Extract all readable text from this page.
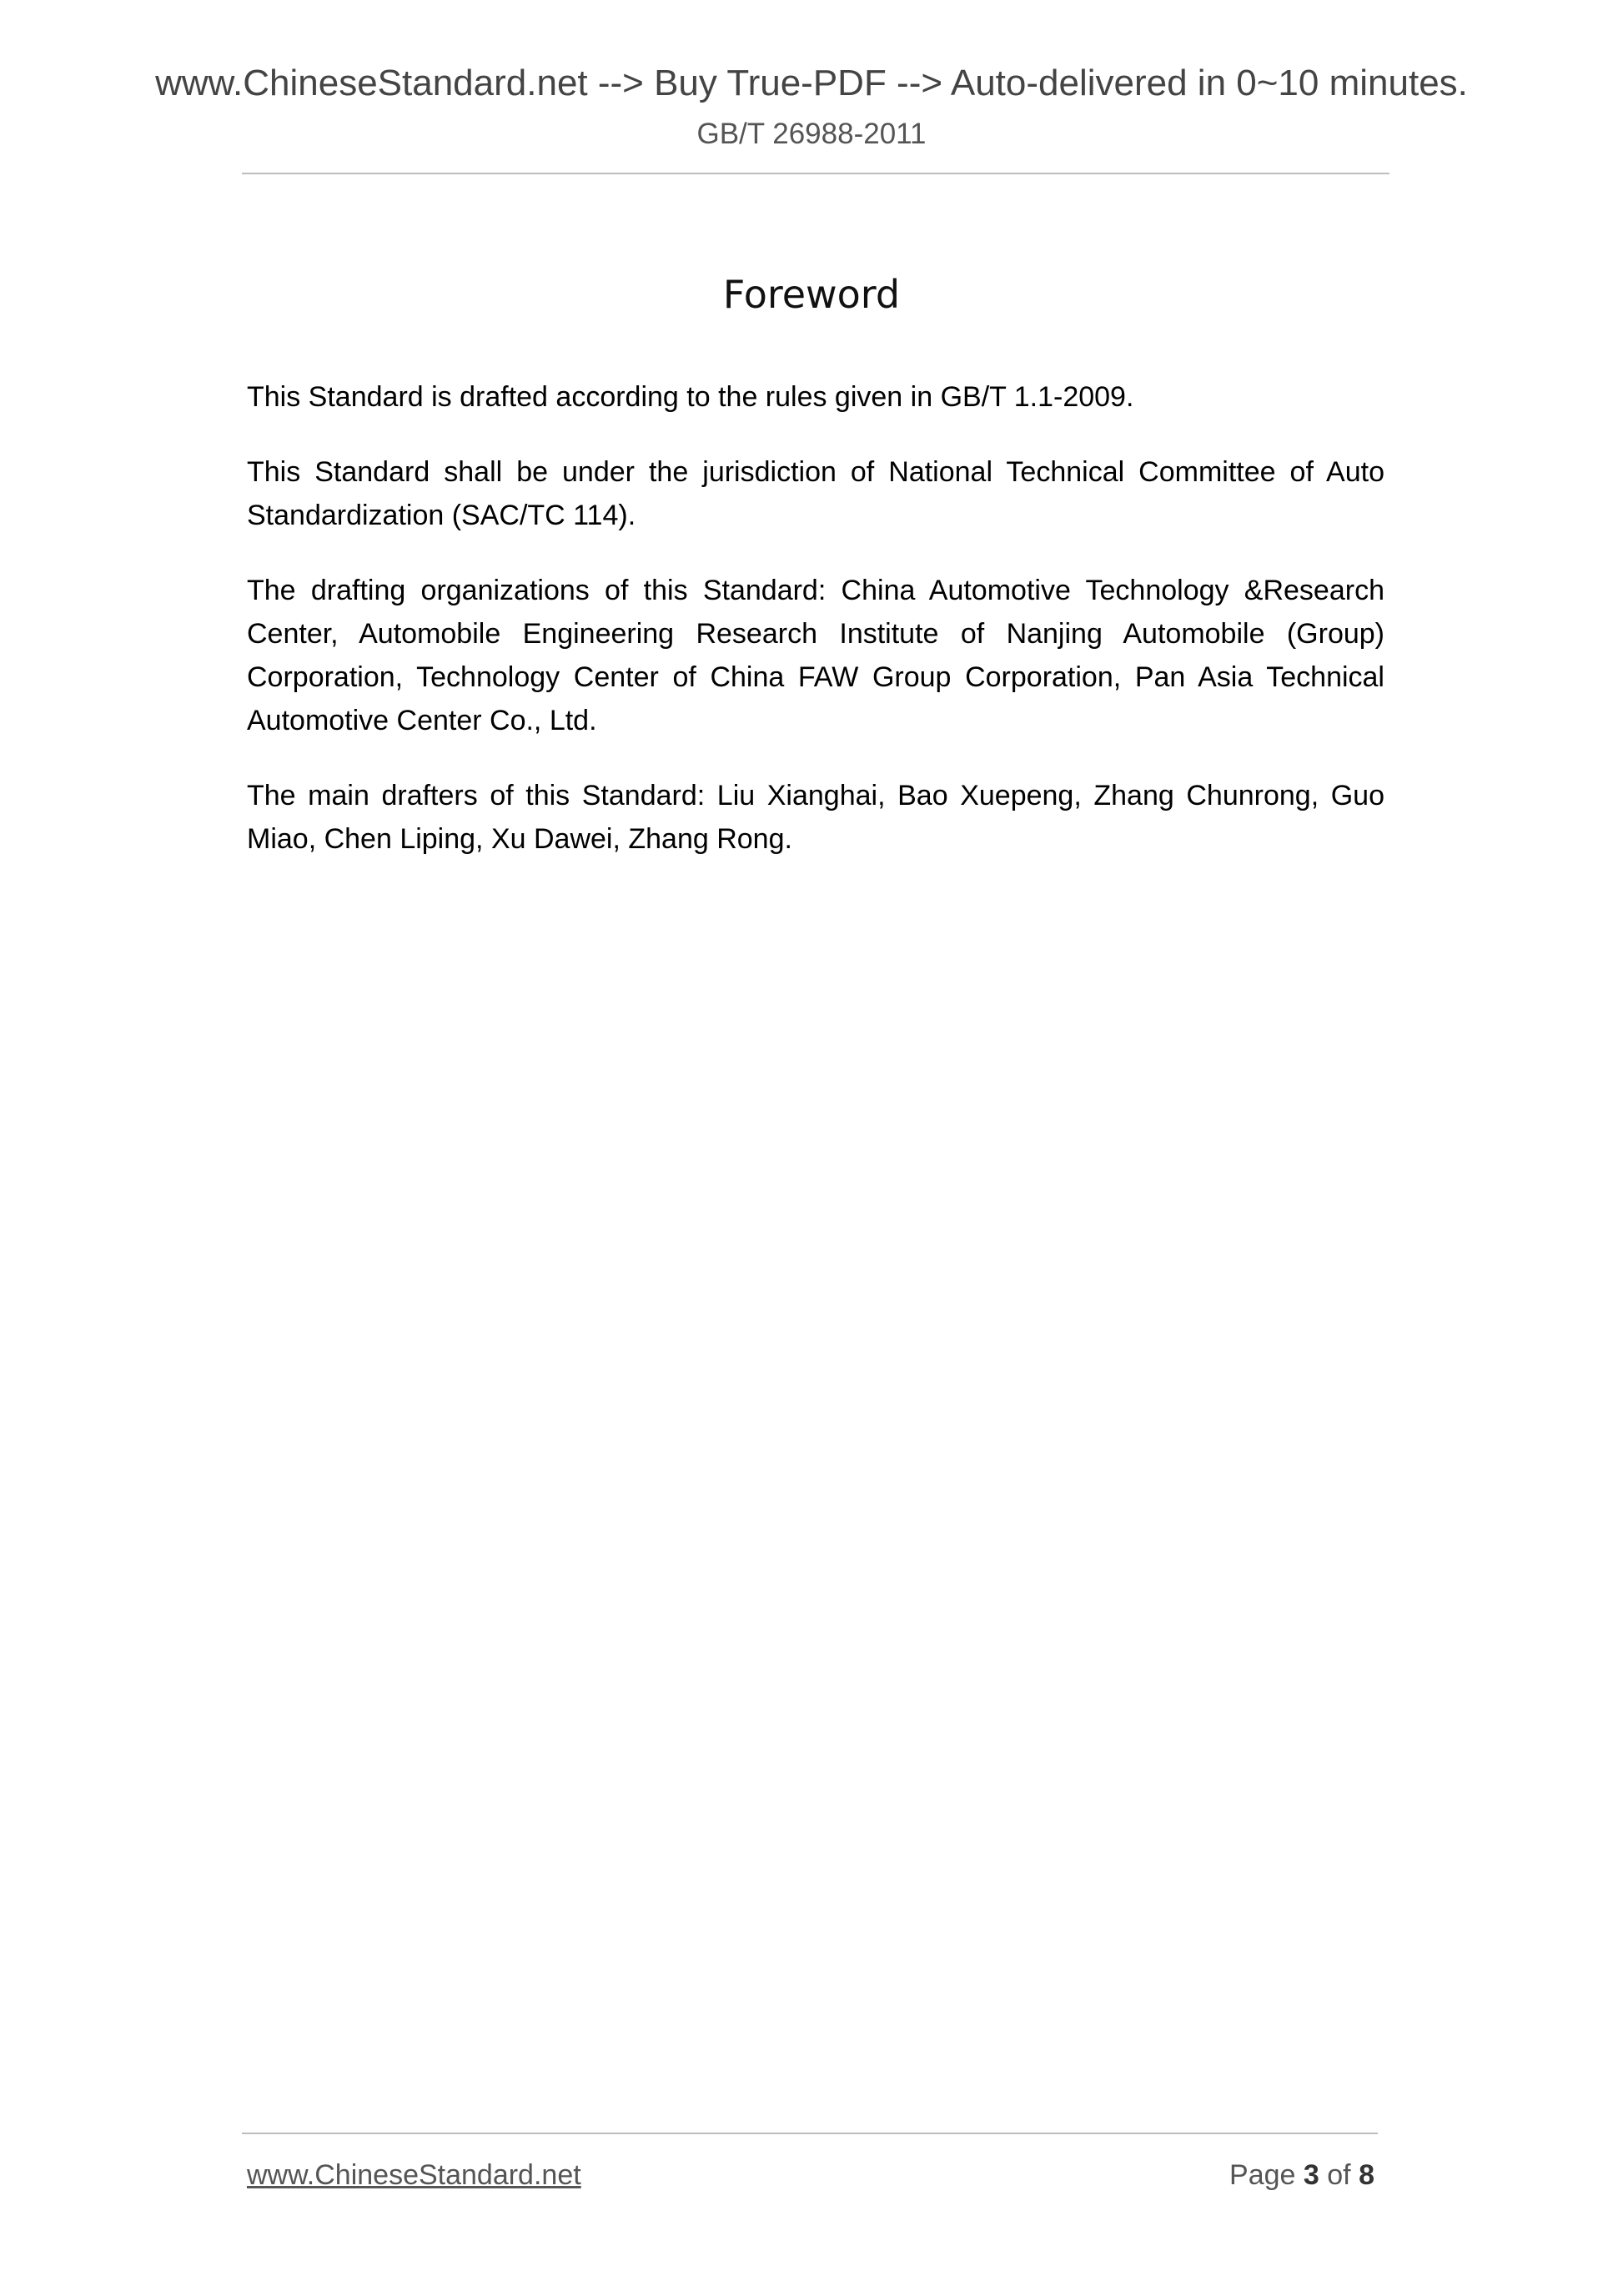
www.ChineseStandard.net --> Buy True-PDF --> Auto-delivered in 0~10 minutes.
GB/T 26988-2011
Foreword

This Standard is drafted according to the rules given in GB/T 1.1-2009.

This Standard shall be under the jurisdiction of National Technical Committee of Auto Standardization (SAC/TC 114).

The drafting organizations of this Standard: China Automotive Technology &Research Center, Automobile Engineering Research Institute of Nanjing Automobile (Group) Corporation, Technology Center of China FAW Group Corporation, Pan Asia Technical Automotive Center Co., Ltd.

The main drafters of this Standard: Liu Xianghai, Bao Xuepeng, Zhang Chunrong, Guo Miao, Chen Liping, Xu Dawei, Zhang Rong.

www.ChineseStandard.net	Page 3 of 8
